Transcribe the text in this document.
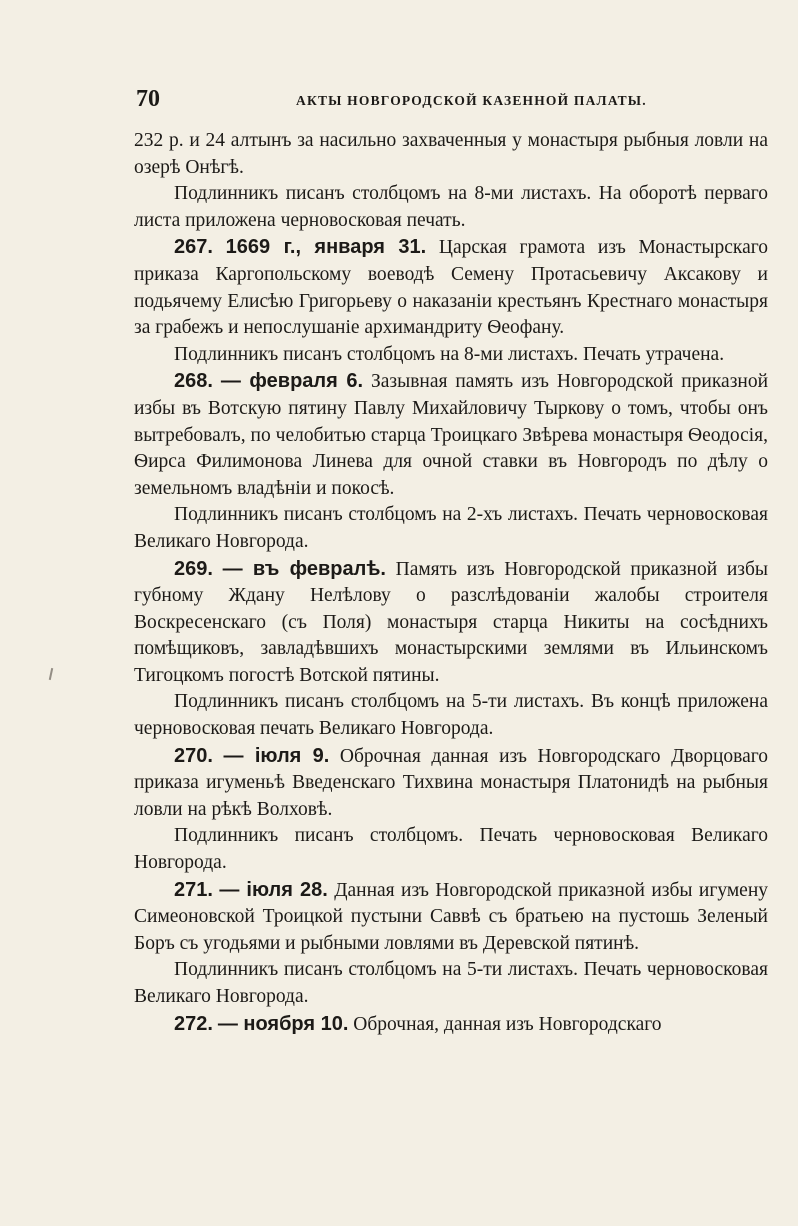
70	АКТЫ НОВГОРОДСКОЙ КАЗЕННОЙ ПАЛАТЫ.

232 р. и 24 алтынъ за насильно захваченныя у монастыря рыбныя ловли на озерѣ Онѣгѣ.

Подлинникъ писанъ столбцомъ на 8-ми листахъ. На оборотѣ перваго листа приложена черновосковая печать.

267. 1669 г., января 31. Царская грамота изъ Монастырскаго приказа Каргопольскому воеводѣ Семену Протасьевичу Аксакову и подьячему Елисѣю Григорьеву о наказаніи крестьянъ Крестнаго монастыря за грабежъ и непослушаніе архимандриту Ѳеофану.

Подлинникъ писанъ столбцомъ на 8-ми листахъ. Печать утрачена.

268. — февраля 6. Зазывная память изъ Новгородской приказной избы въ Вотскую пятину Павлу Михайловичу Тыркову о томъ, чтобы онъ вытребовалъ, по челобитью старца Троицкаго Звѣрева монастыря Ѳеодосія, Ѳирса Филимонова Линева для очной ставки въ Новгородъ по дѣлу о земельномъ владѣніи и покосѣ.

Подлинникъ писанъ столбцомъ на 2-хъ листахъ. Печать черновосковая Великаго Новгорода.

269. — въ февралѣ. Память изъ Новгородской приказной избы губному Ждану Нелѣлову о разслѣдованіи жалобы строителя Воскресенскаго (съ Поля) монастыря старца Никиты на сосѣднихъ помѣщиковъ, завладѣвшихъ монастырскими землями въ Ильинскомъ Тигоцкомъ погостѣ Вотской пятины.

Подлинникъ писанъ столбцомъ на 5-ти листахъ. Въ концѣ приложена черновосковая печать Великаго Новгорода.

270. — іюля 9. Оброчная данная изъ Новгородскаго Дворцоваго приказа игуменьѣ Введенскаго Тихвина монастыря Платонидѣ на рыбныя ловли на рѣкѣ Волховѣ.

Подлинникъ писанъ столбцомъ. Печать черновосковая Великаго Новгорода.

271. — іюля 28. Данная изъ Новгородской приказной избы игумену Симеоновской Троицкой пустыни Саввѣ съ братьею на пустошь Зеленый Боръ съ угодьями и рыбными ловлями въ Деревской пятинѣ.

Подлинникъ писанъ столбцомъ на 5-ти листахъ. Печать черновосковая Великаго Новгорода.

272. — ноября 10. Оброчная, данная изъ Новгородскаго
